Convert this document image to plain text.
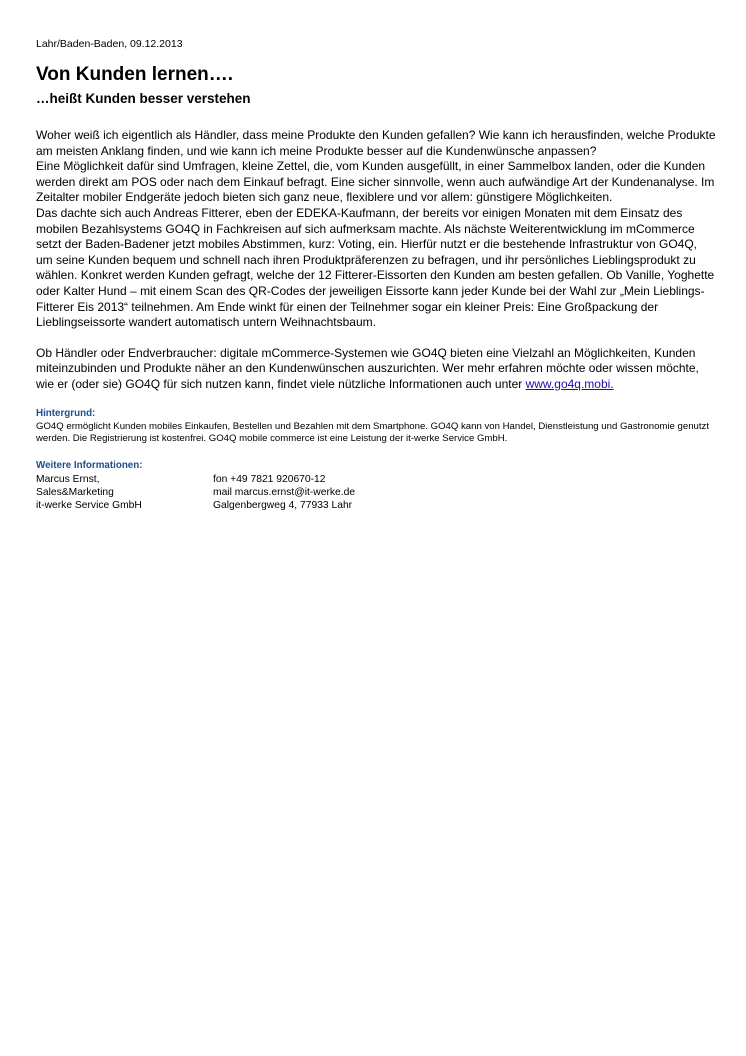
Lahr/Baden-Baden, 09.12.2013

Von Kunden lernen….
…heißt Kunden besser verstehen

Woher weiß ich eigentlich als Händler, dass meine Produkte den Kunden gefallen? Wie kann ich herausfinden, welche Produkte am meisten Anklang finden, und wie kann ich meine Produkte besser auf die Kundenwünsche anpassen?

Eine Möglichkeit dafür sind Umfragen, kleine Zettel, die, vom Kunden ausgefüllt, in einer Sammelbox landen, oder die Kunden werden direkt am POS oder nach dem Einkauf befragt. Eine sicher sinnvolle, wenn auch aufwändige Art der Kundenanalyse. Im Zeitalter mobiler Endgeräte jedoch bieten sich ganz neue, flexiblere und vor allem: günstigere Möglichkeiten.

Das dachte sich auch Andreas Fitterer, eben der EDEKA-Kaufmann, der bereits vor einigen Monaten mit dem Einsatz des mobilen Bezahlsystems GO4Q in Fachkreisen auf sich aufmerksam machte. Als nächste Weiterentwicklung im mCommerce setzt der Baden-Badener jetzt mobiles Abstimmen, kurz: Voting, ein. Hierfür nutzt er die bestehende Infrastruktur von GO4Q, um seine Kunden bequem und schnell nach ihren Produktpräferenzen zu befragen, und ihr persönliches Lieblingsprodukt zu wählen. Konkret werden Kunden gefragt, welche der 12 Fitterer-Eissorten den Kunden am besten gefallen. Ob Vanille, Yoghette oder Kalter Hund – mit einem Scan des QR-Codes der jeweiligen Eissorte kann jeder Kunde bei der Wahl zur „Mein Lieblings-Fitterer Eis 2013“ teilnehmen. Am Ende winkt für einen der Teilnehmer sogar ein kleiner Preis: Eine Großpackung der Lieblingseissorte wandert automatisch untern Weihnachtsbaum.

Ob Händler oder Endverbraucher: digitale mCommerce-Systemen wie GO4Q bieten eine Vielzahl an Möglichkeiten, Kunden miteinzubinden und Produkte näher an den Kundenwünschen auszurichten. Wer mehr erfahren möchte oder wissen möchte, wie er (oder sie) GO4Q für sich nutzen kann, findet viele nützliche Informationen auch unter www.go4q.mobi.

Hintergrund:
GO4Q ermöglicht Kunden mobiles Einkaufen, Bestellen und Bezahlen mit dem Smartphone. GO4Q kann von Handel, Dienstleistung und Gastronomie genutzt werden. Die Registrierung ist kostenfrei. GO4Q mobile commerce ist eine Leistung der it-werke Service GmbH.
Weitere Informationen:
Marcus Ernst,	fon +49 7821 920670-12
Sales&Marketing	mail marcus.ernst@it-werke.de
it-werke Service GmbH	Galgenbergweg 4, 77933 Lahr
